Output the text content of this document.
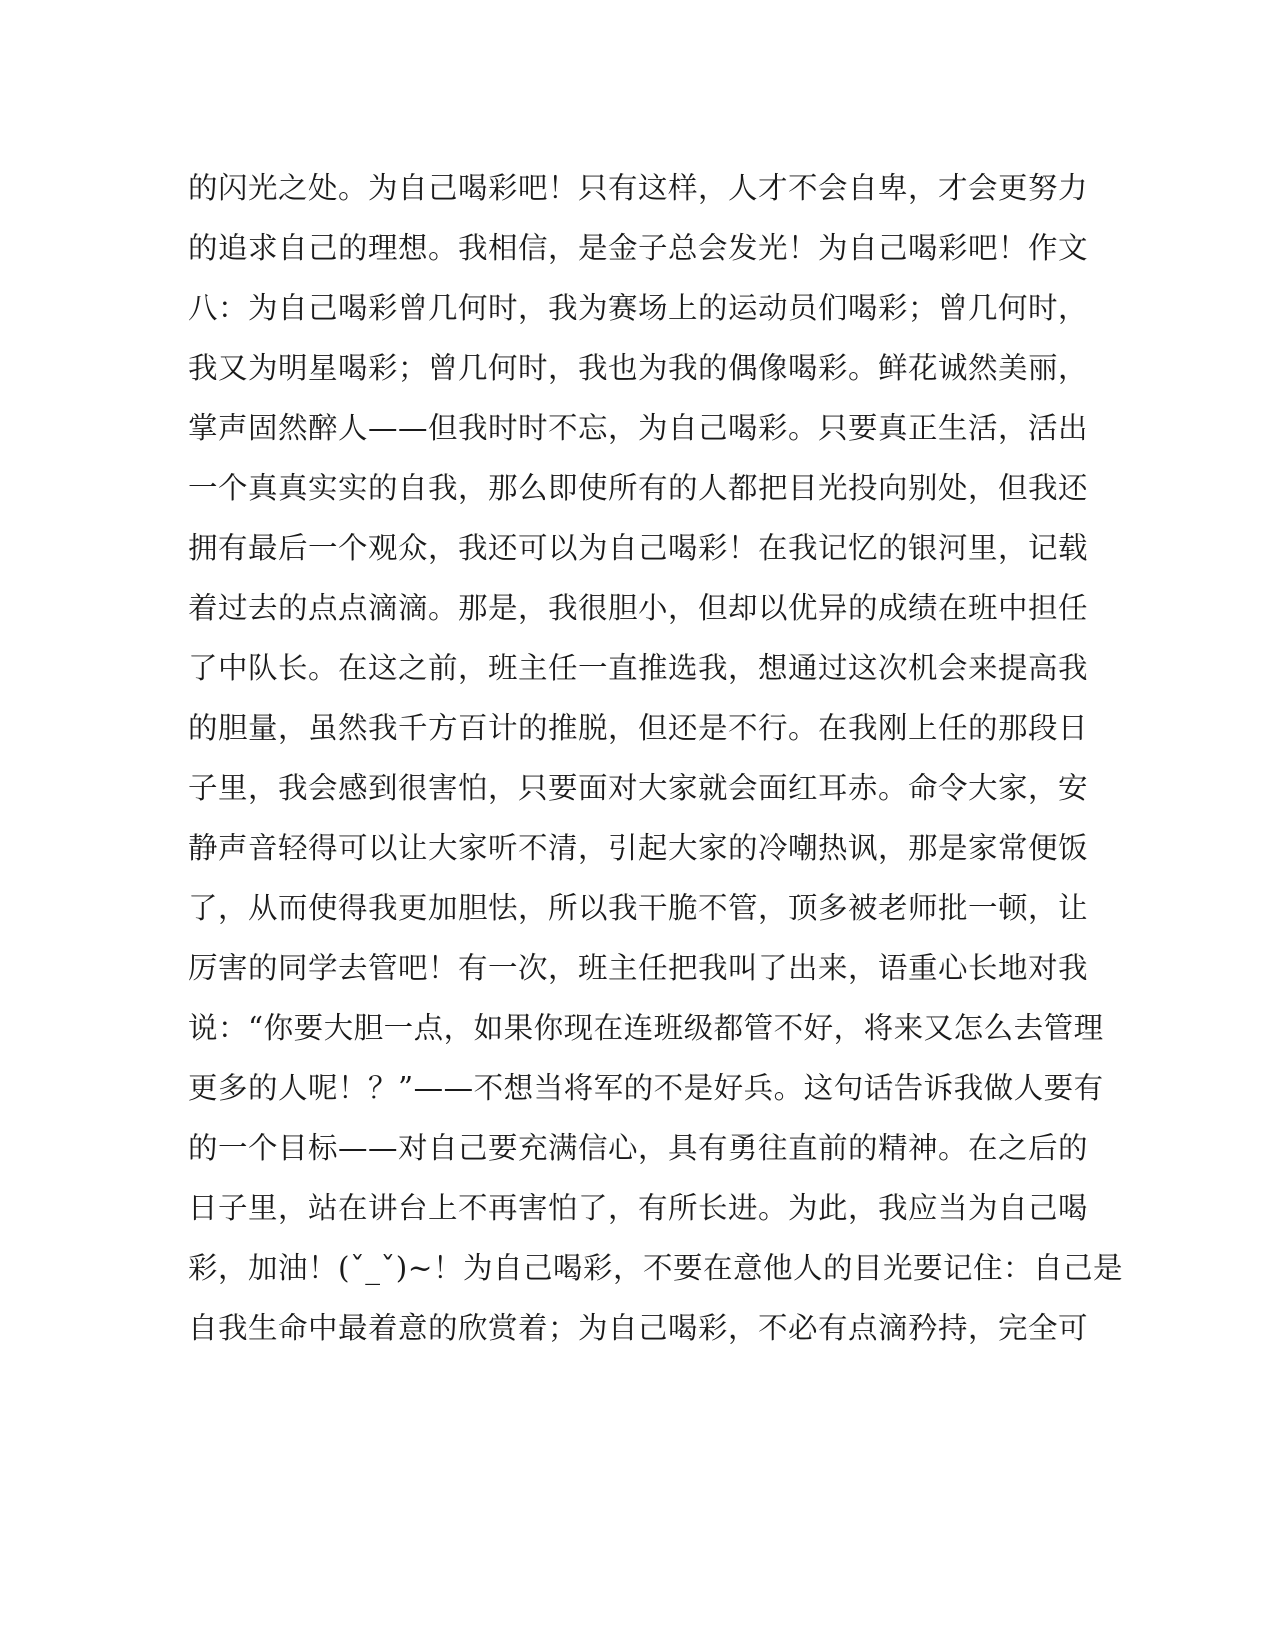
的闪光之处。为自己喝彩吧！只有这样，人才不会自卑，才会更努力
的追求自己的理想。我相信，是金子总会发光！为自己喝彩吧！作文
八：为自己喝彩曾几何时，我为赛场上的运动员们喝彩；曾几何时，
我又为明星喝彩；曾几何时，我也为我的偶像喝彩。鲜花诚然美丽，
掌声固然醉人——但我时时不忘，为自己喝彩。只要真正生活，活出
一个真真实实的自我，那么即使所有的人都把目光投向别处，但我还
拥有最后一个观众，我还可以为自己喝彩！在我记忆的银河里，记载
着过去的点点滴滴。那是，我很胆小，但却以优异的成绩在班中担任
了中队长。在这之前，班主任一直推选我，想通过这次机会来提高我
的胆量，虽然我千方百计的推脱，但还是不行。在我刚上任的那段日
子里，我会感到很害怕，只要面对大家就会面红耳赤。命令大家，安
静声音轻得可以让大家听不清，引起大家的冷嘲热讽，那是家常便饭
了，从而使得我更加胆怯，所以我干脆不管，顶多被老师批一顿，让
厉害的同学去管吧！有一次，班主任把我叫了出来，语重心长地对我
说：“你要大胆一点，如果你现在连班级都管不好，将来又怎么去管理
更多的人呢！？”——不想当将军的不是好兵。这句话告诉我做人要有
的一个目标——对自己要充满信心，具有勇往直前的精神。在之后的
日子里，站在讲台上不再害怕了，有所长进。为此，我应当为自己喝
彩，加油！(ˇ_ˇ)~！为自己喝彩，不要在意他人的目光要记住：自己是
自我生命中最着意的欣赏着；为自己喝彩，不必有点滴矜持，完全可
